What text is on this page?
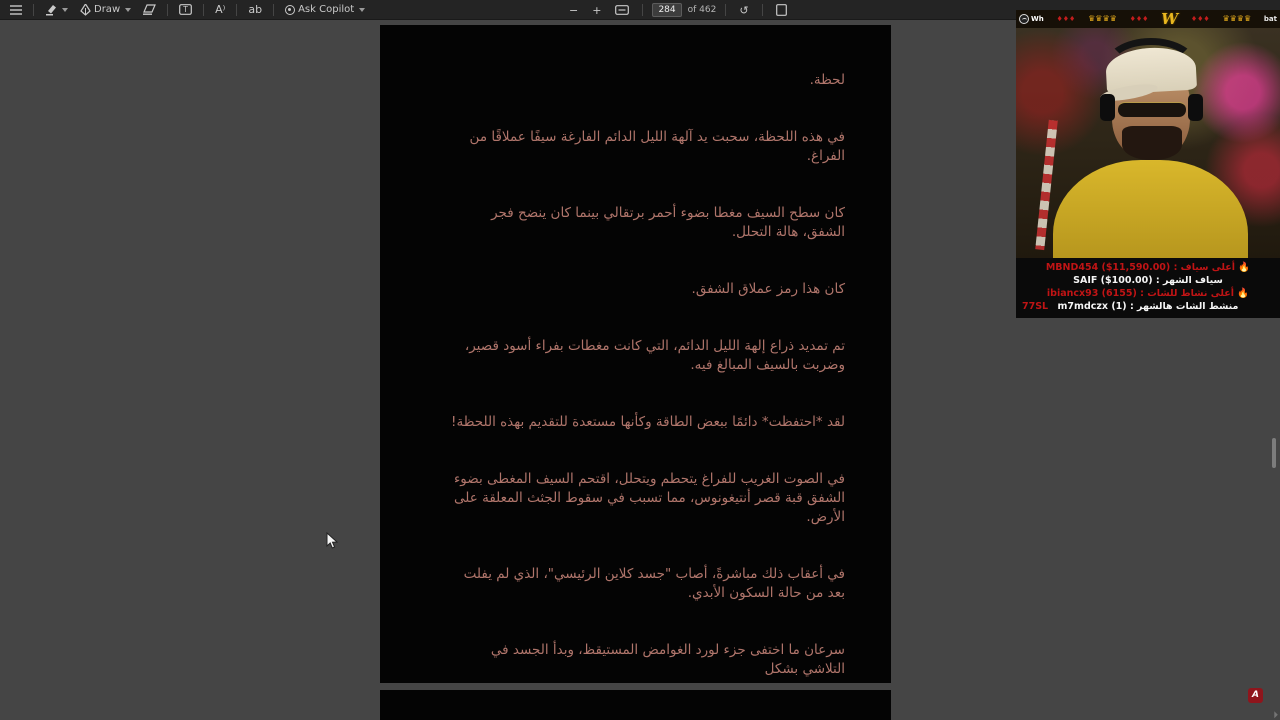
Draw	T A⁾ ab	Ask Copilot	− +	284	of 462 ↺

لحظة.

في هذه اللحظة، سحبت يد آلهة الليل الدائم الفارغة سيفًا عملاقًا من الفراغ.

كان سطح السيف مغطا بضوء أحمر برتقالي بينما كان ينضح فجر الشفق، هالة التحلل.

كان هذا رمز عملاق الشفق.

تم تمديد ذراع إلهة الليل الدائم، التي كانت مغطات بفراء أسود قصير، وضربت بالسيف المبالغ فيه.

لقد *احتفظت* دائمًا ببعض الطاقة وكأنها مستعدة للتقديم بهذه اللحظة!

في الصوت الغريب للفراغ يتحطم ويتحلل، اقتحم السيف المغطى بضوء الشفق قبة قصر أنتيغونوس، مما تسبب في سقوط الجثث المعلقة على الأرض.

في أعقاب ذلك مباشرةً، أصاب "جسد كلاين الرئيسي"، الذي لم يفلت بعد من حالة السكون الأبدي.

سرعان ما اختفى جزء لورد الغوامض المستيقظ، وبدأ الجسد في التلاشي بشكل

Wh ♦♦♦ ♛♛♛♛ ♦♦♦ W ♦♦♦ ♛♛♛♛ bat
🔥 أعلى سياف : MBND454 ($11,590.00)
سياف الشهر : SAIF ($100.00)
🔥 أعلى نشاط للشات : ibiancx93 (6155)
77SL منشط الشات هالشهر : m7mdczx (1)
A
